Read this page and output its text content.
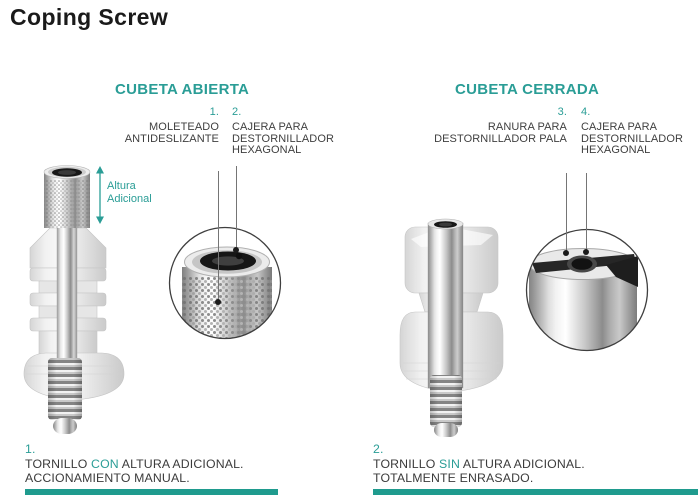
Coping Screw
CUBETA ABIERTA	CUBETA CERRADA
1.
MOLETEADO
ANTIDESLIZANTE
2.
CAJERA PARA
DESTORNILLADOR
HEXAGONAL
3.
RANURA PARA
DESTORNILLADOR PALA
4.
CAJERA PARA
DESTORNILLADOR
HEXAGONAL
Altura
Adicional
1.
TORNILLO CON ALTURA ADICIONAL.
ACCIONAMIENTO MANUAL.
2.
TORNILLO SIN ALTURA ADICIONAL.
TOTALMENTE ENRASADO.
